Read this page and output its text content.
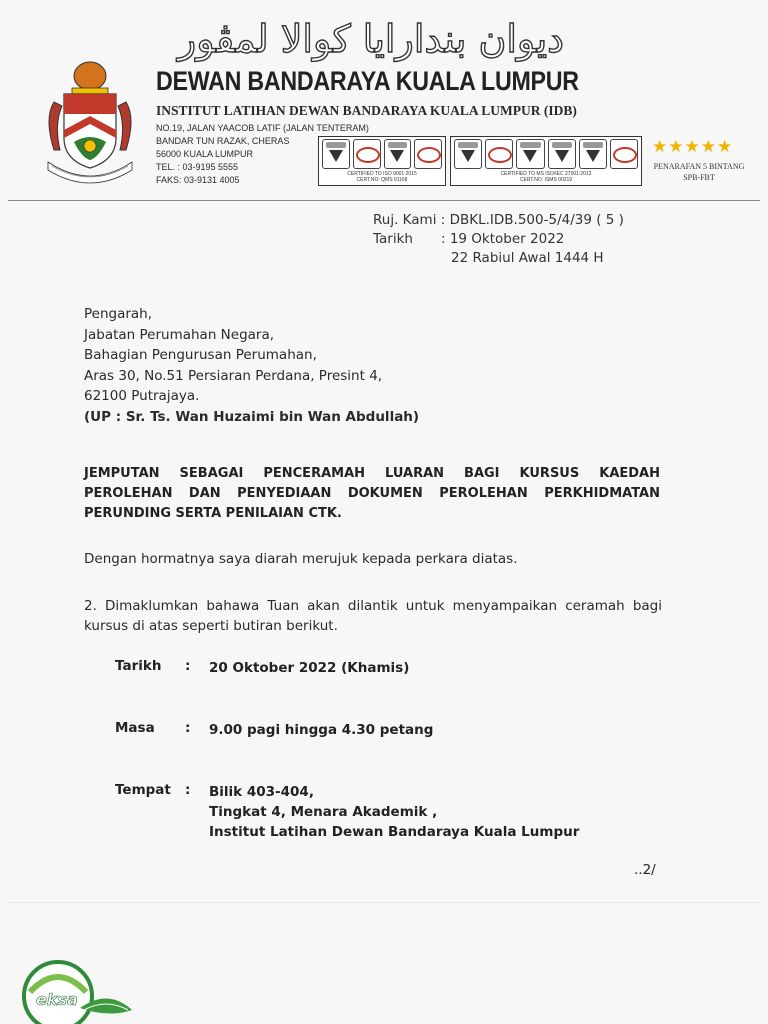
ديوان بندارايا كوالا لمڤور
DEWAN BANDARAYA KUALA LUMPUR
INSTITUT LATIHAN DEWAN BANDARAYA KUALA LUMPUR (IDB)
NO.19, JALAN YAACOB LATIF (JALAN TENTERAM)
BANDAR TUN RAZAK, CHERAS
56000 KUALA LUMPUR
TEL. : 03-9195 5555
FAKS: 03-9131 4005
CERTIFIED TO ISO 9001:2015
CERT.NO: QMS 01168
CERTIFIED TO MS ISO/IEC 27001:2013
CERT.NO: ISMS 00219
★★★★★
PENARAFAN 5 BINTANG
SPB-FBT
Ruj. Kami : DBKL.IDB.500-5/4/39 ( 5 )
Tarikh : 19 Oktober 2022
22 Rabiul Awal 1444 H
Pengarah,
Jabatan Perumahan Negara,
Bahagian Pengurusan Perumahan,
Aras 30, No.51 Persiaran Perdana, Presint 4,
62100 Putrajaya.
(UP : Sr. Ts. Wan Huzaimi bin Wan Abdullah)
JEMPUTAN SEBAGAI PENCERAMAH LUARAN BAGI KURSUS KAEDAH PEROLEHAN DAN PENYEDIAAN DOKUMEN PEROLEHAN PERKHIDMATAN PERUNDING SERTA PENILAIAN CTK.
Dengan hormatnya saya diarah merujuk kepada perkara diatas.
2. Dimaklumkan bahawa Tuan akan dilantik untuk menyampaikan ceramah bagi kursus di atas seperti butiran berikut.
Tarikh : 20 Oktober 2022 (Khamis)
Masa : 9.00 pagi hingga 4.30 petang
Tempat : Bilik 403-404,
Tingkat 4, Menara Akademik ,
Institut Latihan Dewan Bandaraya Kuala Lumpur
..2/
eksa
